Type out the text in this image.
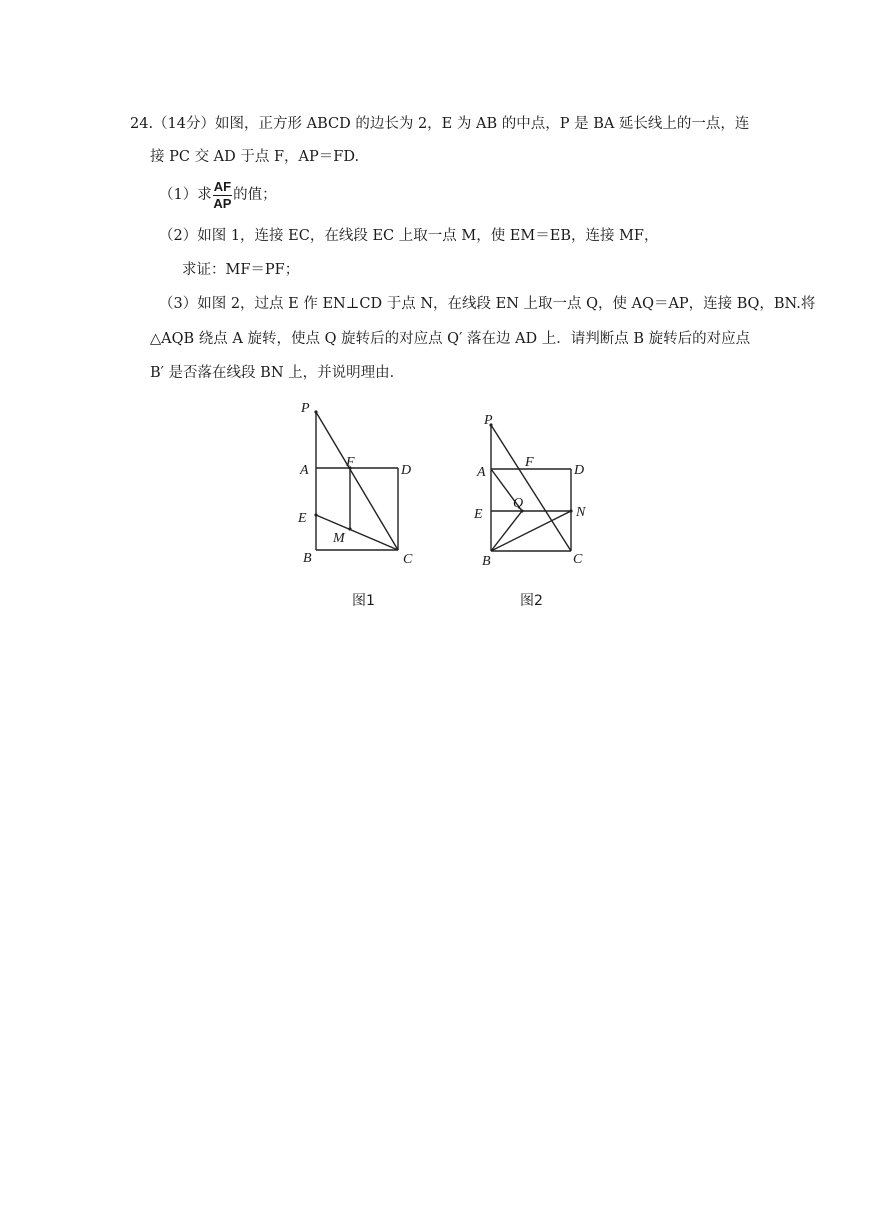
24.（14分）如图，正方形 ABCD 的边长为 2，E 为 AB 的中点，P 是 BA 延长线上的一点，连
接 PC 交 AD 于点 F，AP＝FD.
（1）求 $\frac{AF}{AP}$ 的值；
（2）如图 1，连接 EC，在线段 EC 上取一点 M，使 EM＝EB，连接 MF，
求证：MF＝PF；
（3）如图 2，过点 E 作 EN⊥CD 于点 N，在线段 EN 上取一点 Q，使 AQ＝AP，连接 BQ，BN.将
△AQB 绕点 A 旋转，使点 Q 旋转后的对应点 Q′ 落在边 AD 上．请判断点 B 旋转后的对应点
B′ 是否落在线段 BN 上，并说明理由．
P
A
F
D
E
M
B	C
图1
P
A
F
D
E
Q
N
B	C
图2
